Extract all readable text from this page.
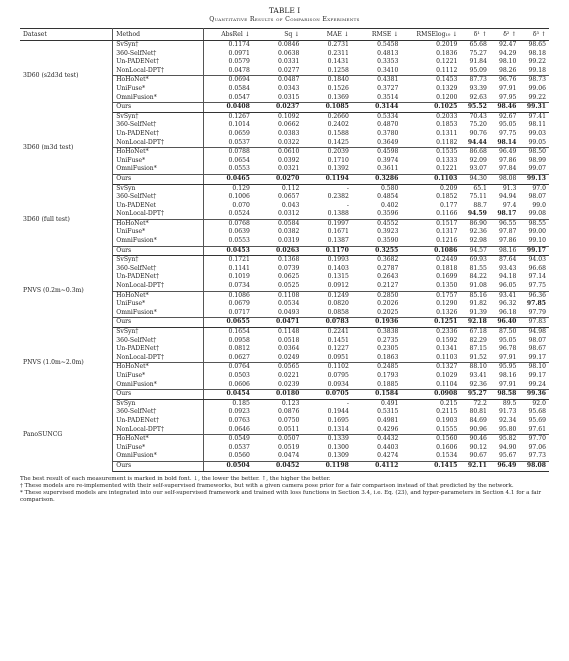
TABLE I
Quantitative Results of Comparison Experiments
Dataset	Method	AbsRel ↓	Sq ↓	MAE ↓	RMSE ↓	RMSElog₁₀ ↓	δ¹ ↑	δ² ↑	δ³ ↑
3D60 (s2d3d test)	SvSyn†	0.1174	0.0846	0.2731	0.5458	0.2019	65.68	92.47	98.65
	360-SelfNet†	0.0971	0.0638	0.2311	0.4813	0.1836	75.27	94.29	98.18
	Un-PADENet†	0.0579	0.0331	0.1431	0.3353	0.1221	91.84	98.10	99.22
	NonLocal-DPT†	0.0478	0.0277	0.1258	0.3410	0.1112	95.09	98.26	99.18
	HoHoNet*	0.0694	0.0487	0.1840	0.4381	0.1453	87.73	96.76	98.73
	UniFuse*	0.0584	0.0343	0.1526	0.3727	0.1329	93.39	97.91	99.06
	OmniFusion*	0.0547	0.0315	0.1369	0.3514	0.1200	92.63	97.95	99.22
	Ours	0.0408	0.0237	0.1085	0.3144	0.1025	95.52	98.46	99.31
3D60 (m3d test)	SvSyn†	0.1267	0.1092	0.2660	0.5334	0.2033	70.43	92.67	97.41
	360-SelfNet†	0.1014	0.0662	0.2402	0.4870	0.1853	75.20	95.05	98.11
	Un-PADENet†	0.0659	0.0383	0.1588	0.3780	0.1311	90.76	97.75	99.03
	NonLocal-DPT†	0.0537	0.0322	0.1425	0.3649	0.1182	94.44	98.14	99.05
	HoHoNet*	0.0788	0.0610	0.2039	0.4598	0.1535	86.68	96.49	98.50
	UniFuse*	0.0654	0.0392	0.1710	0.3974	0.1333	92.09	97.86	98.99
	OmniFusion*	0.0553	0.0321	0.1392	0.3611	0.1221	93.07	97.84	99.07
	Ours	0.0465	0.0270	0.1194	0.3286	0.1103	94.30	98.08	99.13
3D60 (full test)	SvSyn	0.129	0.112	-	0.580	0.209	65.1	91.3	97.0
	360-SelfNet†	0.1006	0.0657	0.2382	0.4854	0.1852	75.11	94.94	98.07
	Un-PADENet	0.070	0.043	-	0.402	0.177	88.7	97.4	99.0
	NonLocal-DPT†	0.0524	0.0312	0.1388	0.3596	0.1166	94.59	98.17	99.08
	HoHoNet*	0.0768	0.0584	0.1997	0.4552	0.1517	86.90	96.55	98.55
	UniFuse*	0.0639	0.0382	0.1671	0.3923	0.1317	92.36	97.87	99.00
	OmniFusion*	0.0553	0.0319	0.1387	0.3590	0.1216	92.98	97.86	99.10
	Ours	0.0453	0.0263	0.1170	0.3255	0.1086	94.57	98.16	99.17
PNVS (0.2m~0.3m)	SvSyn†	0.1721	0.1368	0.1993	0.3682	0.2449	69.93	87.64	94.03
	360-SelfNet†	0.1141	0.0739	0.1403	0.2787	0.1818	81.55	93.43	96.68
	Un-PADENet†	0.1019	0.0625	0.1315	0.2643	0.1699	84.22	94.18	97.14
	NonLocal-DPT†	0.0734	0.0525	0.0912	0.2127	0.1350	91.08	96.05	97.75
	HoHoNet*	0.1086	0.1108	0.1249	0.2850	0.1757	85.16	93.41	96.36
	UniFuse*	0.0679	0.0534	0.0820	0.2026	0.1290	91.82	96.32	97.85
	OmniFusion*	0.0717	0.0493	0.0858	0.2025	0.1326	91.39	96.18	97.79
	Ours	0.0655	0.0471	0.0783	0.1936	0.1251	92.18	96.40	97.83
PNVS (1.0m~2.0m)	SvSyn†	0.1654	0.1148	0.2241	0.3838	0.2336	67.18	87.50	94.98
	360-SelfNet†	0.0958	0.0518	0.1451	0.2735	0.1592	82.29	95.05	98.07
	Un-PADENet†	0.0812	0.0364	0.1227	0.2305	0.1341	87.15	96.78	98.67
	NonLocal-DPT†	0.0627	0.0249	0.0951	0.1863	0.1103	91.52	97.91	99.17
	HoHoNet*	0.0764	0.0565	0.1102	0.2485	0.1327	88.10	95.95	98.10
	UniFuse*	0.0503	0.0221	0.0795	0.1793	0.1029	93.41	98.16	99.17
	OmniFusion*	0.0606	0.0239	0.0934	0.1885	0.1104	92.36	97.91	99.24
	Ours	0.0454	0.0180	0.0705	0.1584	0.0908	95.27	98.58	99.36
PanoSUNCG	SvSyn	0.185	0.123	-	0.491	0.215	72.2	89.5	92.0
	360-SelfNet†	0.0923	0.0876	0.1944	0.5315	0.2115	80.81	91.73	95.68
	Un-PADENet†	0.0763	0.0750	0.1695	0.4981	0.1903	84.69	92.34	95.69
	NonLocal-DPT†	0.0646	0.0511	0.1314	0.4296	0.1555	90.96	95.80	97.61
	HoHoNet*	0.0549	0.0507	0.1339	0.4432	0.1560	90.46	95.82	97.70
	UniFuse*	0.0537	0.0519	0.1300	0.4403	0.1606	90.12	94.90	97.06
	OmniFusion*	0.0560	0.0474	0.1309	0.4274	0.1534	90.67	95.67	97.73
	Ours	0.0504	0.0452	0.1198	0.4112	0.1415	92.11	96.49	98.08
The best result of each measurement is marked in bold font. ↓, the lower the better. ↑, the higher the better.
† These models are re-implemented with their self-supervised frameworks, but with a given camera pose prior for a fair comparison instead of that predicted by the network.
* These supervised models are integrated into our self-supervised framework and trained with loss functions in Section 3.4, i.e. Eq. (23), and hyper-parameters in Section 4.1 for a fair comparison.
